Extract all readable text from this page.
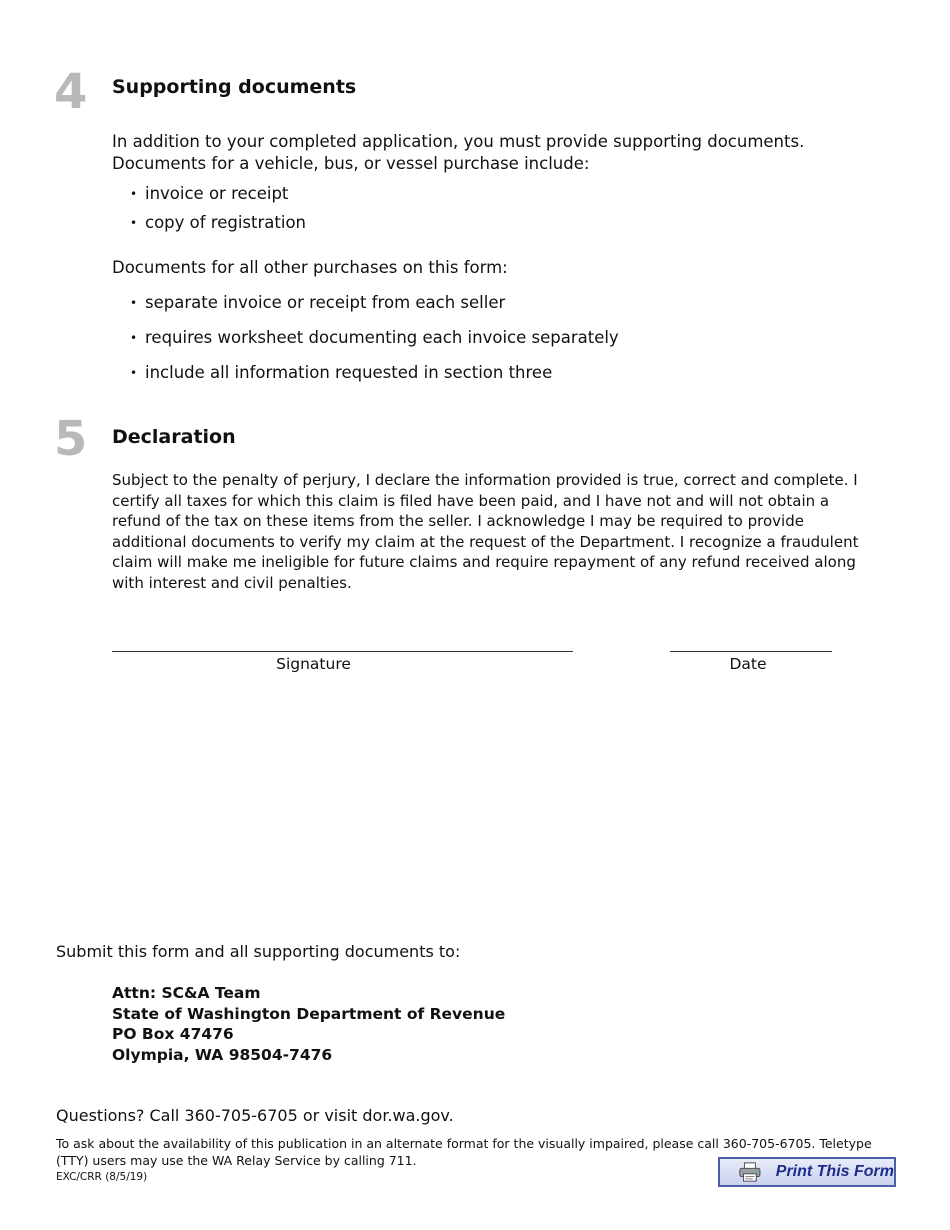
4 Supporting documents

In addition to your completed application, you must provide supporting documents. Documents for a vehicle, bus, or vessel purchase include:

• invoice or receipt
• copy of registration

Documents for all other purchases on this form:

• separate invoice or receipt from each seller
• requires worksheet documenting each invoice separately
• include all information requested in section three
5 Declaration

Subject to the penalty of perjury, I declare the information provided is true, correct and complete. I certify all taxes for which this claim is filed have been paid, and I have not and will not obtain a refund of the tax on these items from the seller. I acknowledge I may be required to provide additional documents to verify my claim at the request of the Department. I recognize a fraudulent claim will make me ineligible for future claims and require repayment of any refund received along with interest and civil penalties.

Signature	Date
Submit this form and all supporting documents to:
Attn: SC&A Team
State of Washington Department of Revenue
PO Box 47476
Olympia, WA 98504-7476
Questions? Call 360-705-6705 or visit dor.wa.gov.
To ask about the availability of this publication in an alternate format for the visually impaired, please call 360-705-6705. Teletype (TTY) users may use the WA Relay Service by calling 711.
EXC/CRR (8/5/19)	Print This Form
